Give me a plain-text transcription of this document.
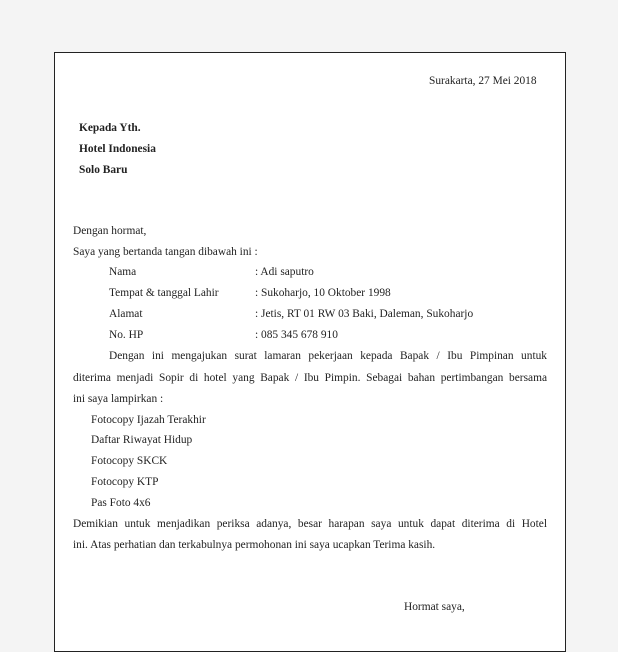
Surakarta, 27 Mei 2018
Kepada Yth.
Hotel Indonesia
Solo Baru
Dengan hormat,
Saya yang bertanda tangan dibawah ini :
Nama	: Adi saputro
Tempat & tanggal Lahir	: Sukoharjo, 10 Oktober 1998
Alamat	: Jetis, RT 01 RW 03 Baki, Daleman, Sukoharjo
No. HP	: 085 345 678 910
Dengan ini mengajukan surat lamaran pekerjaan kepada Bapak / Ibu Pimpinan untuk
diterima menjadi Sopir di hotel yang Bapak / Ibu Pimpin. Sebagai bahan pertimbangan bersama
ini saya lampirkan :
Fotocopy Ijazah Terakhir
Daftar Riwayat Hidup
Fotocopy SKCK
Fotocopy KTP
Pas Foto 4x6
Demikian untuk menjadikan periksa adanya, besar harapan saya untuk dapat diterima di Hotel
ini. Atas perhatian dan terkabulnya permohonan ini saya ucapkan Terima kasih.
Hormat saya,
